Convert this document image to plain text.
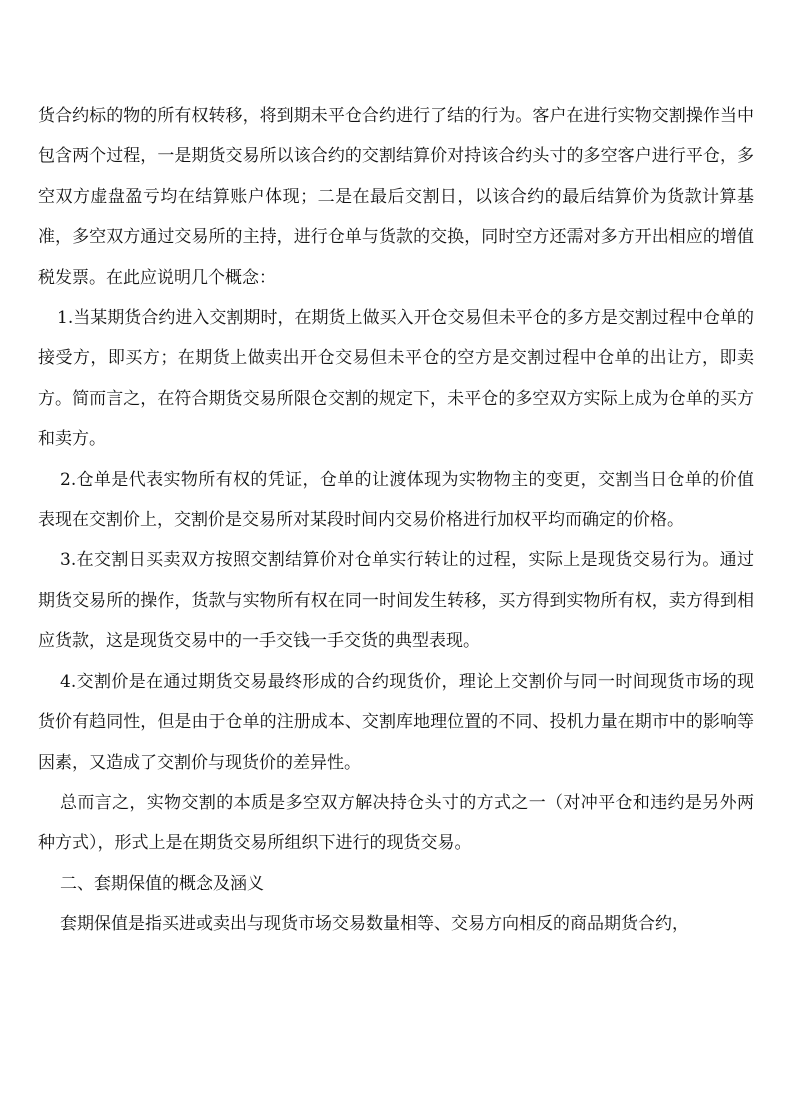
货合约标的物的所有权转移，将到期未平仓合约进行了结的行为。客户在进行实物交割操作当中包含两个过程，一是期货交易所以该合约的交割结算价对持该合约头寸的多空客户进行平仓，多空双方虚盘盈亏均在结算账户体现；二是在最后交割日，以该合约的最后结算价为货款计算基准，多空双方通过交易所的主持，进行仓单与货款的交换，同时空方还需对多方开出相应的增值税发票。在此应说明几个概念：

1.当某期货合约进入交割期时，在期货上做买入开仓交易但未平仓的多方是交割过程中仓单的接受方，即买方；在期货上做卖出开仓交易但未平仓的空方是交割过程中仓单的出让方，即卖方。简而言之，在符合期货交易所限仓交割的规定下，未平仓的多空双方实际上成为仓单的买方和卖方。

2.仓单是代表实物所有权的凭证，仓单的让渡体现为实物物主的变更，交割当日仓单的价值表现在交割价上，交割价是交易所对某段时间内交易价格进行加权平均而确定的价格。

3.在交割日买卖双方按照交割结算价对仓单实行转让的过程，实际上是现货交易行为。通过期货交易所的操作，货款与实物所有权在同一时间发生转移，买方得到实物所有权，卖方得到相应货款，这是现货交易中的一手交钱一手交货的典型表现。

4.交割价是在通过期货交易最终形成的合约现货价，理论上交割价与同一时间现货市场的现货价有趋同性，但是由于仓单的注册成本、交割库地理位置的不同、投机力量在期市中的影响等因素，又造成了交割价与现货价的差异性。

总而言之，实物交割的本质是多空双方解决持仓头寸的方式之一（对冲平仓和违约是另外两种方式），形式上是在期货交易所组织下进行的现货交易。

二、套期保值的概念及涵义

套期保值是指买进或卖出与现货市场交易数量相等、交易方向相反的商品期货合约，
